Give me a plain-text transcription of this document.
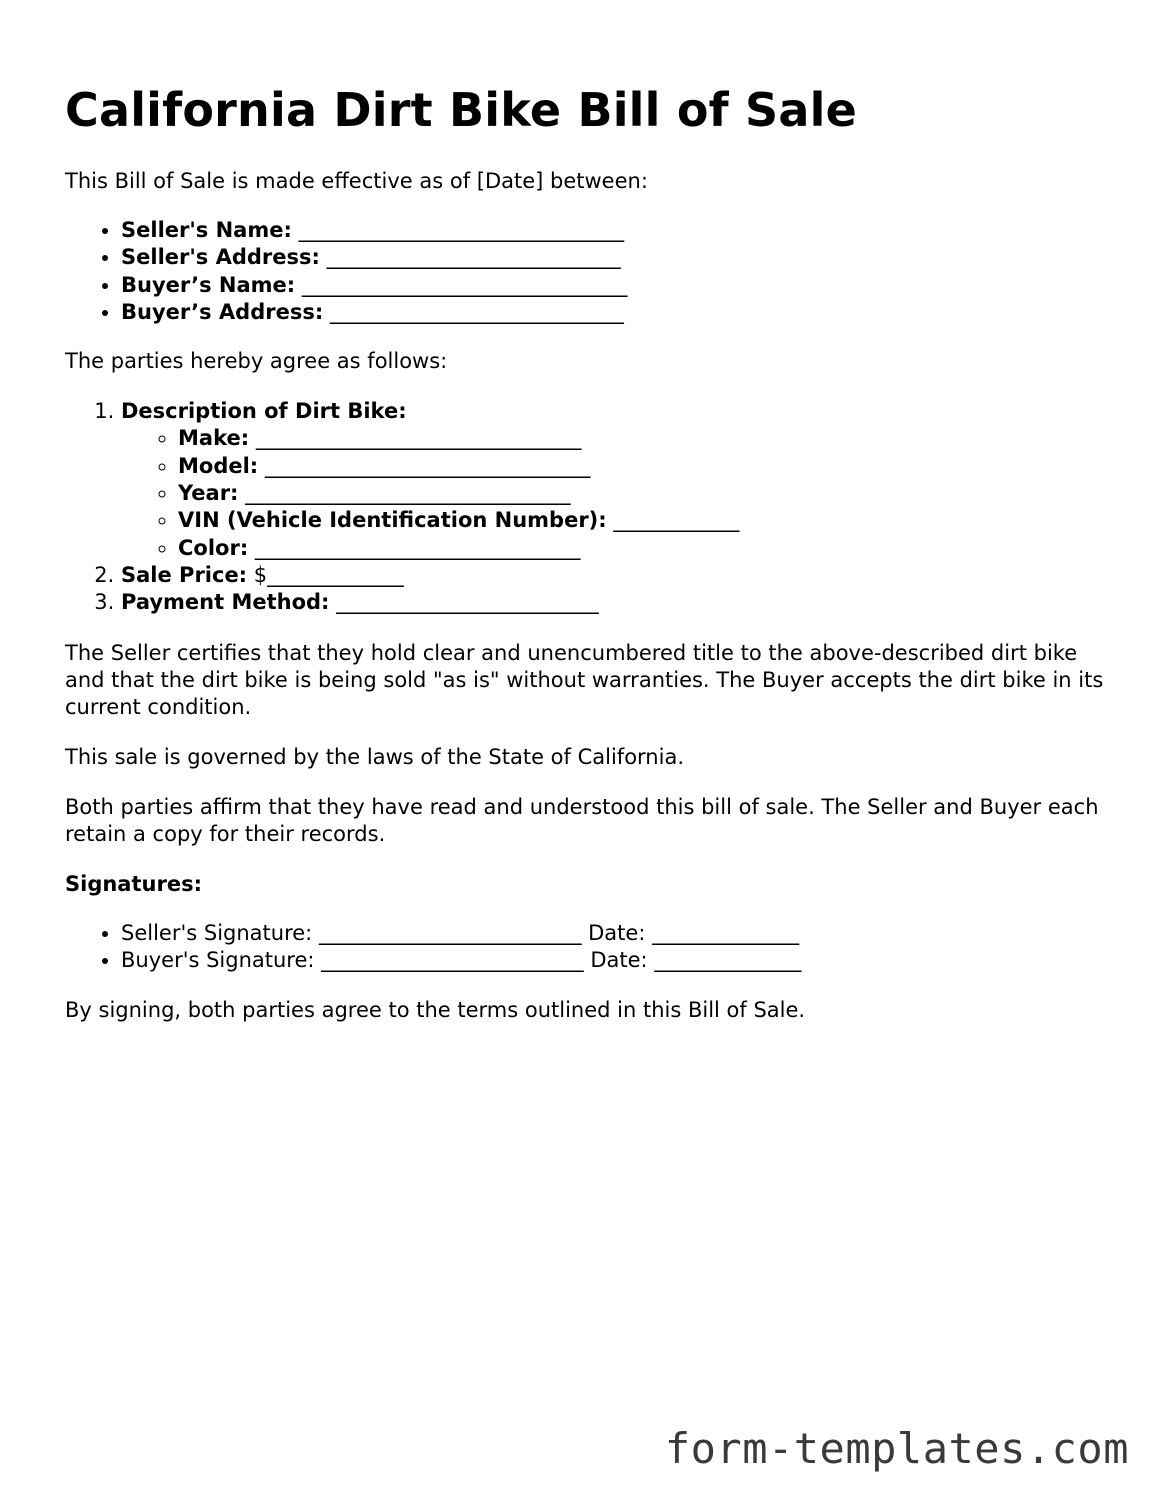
California Dirt Bike Bill of Sale

This Bill of Sale is made effective as of [Date] between:

• Seller's Name: _______________________________
• Seller's Address: ____________________________
• Buyer’s Name: _______________________________
• Buyer’s Address: ____________________________

The parties hereby agree as follows:

1. Description of Dirt Bike:
◦ Make: _______________________________
◦ Model: _______________________________
◦ Year: _______________________________
◦ VIN (Vehicle Identification Number): ____________
◦ Color: _______________________________
2. Sale Price: $_____________
3. Payment Method: _________________________

The Seller certifies that they hold clear and unencumbered title to the above-described dirt bike and that the dirt bike is being sold "as is" without warranties. The Buyer accepts the dirt bike in its current condition.

This sale is governed by the laws of the State of California.

Both parties affirm that they have read and understood this bill of sale. The Seller and Buyer each retain a copy for their records.

Signatures:

• Seller's Signature: _________________________ Date: ______________
• Buyer's Signature: _________________________ Date: ______________

By signing, both parties agree to the terms outlined in this Bill of Sale.

form-templates.com
